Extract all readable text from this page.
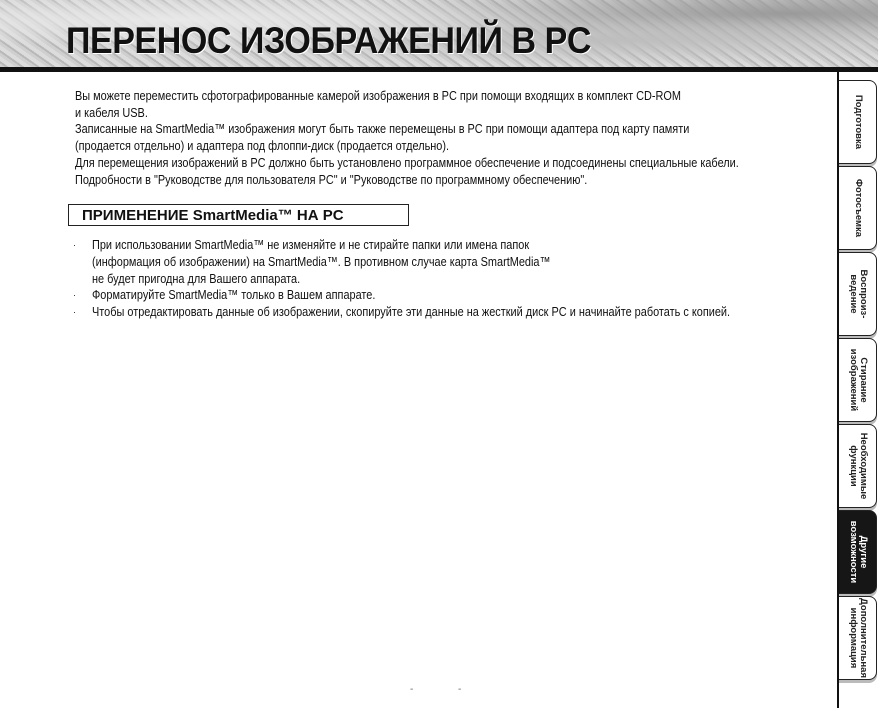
ПЕРЕНОС ИЗОБРАЖЕНИЙ В PC
Вы можете переместить сфотографированные камерой изображения в PC при помощи входящих в комплект CD-ROM
и кабеля USB.
Записанные на SmartMedia™ изображения могут быть также перемещены в PC при помощи адаптера под карту памяти
(продается отдельно) и адаптера под флоппи-диск (продается отдельно).
Для перемещения изображений в PC должно быть установлено программное обеспечение и подсоединены специальные кабели.
Подробности в "Руководстве для пользователя PC" и "Руководстве по программному обеспечению".
ПРИМЕНЕНИЕ SmartMedia™ НА PC
·	При использовании SmartMedia™ не изменяйте и не стирайте папки или имена папок
(информация об изображении) на SmartMedia™. В противном случае карта SmartMedia™
не будет пригодна для Вашего аппарата.
·	Форматируйте SmartMedia™ только в Вашем аппарате.
·	Чтобы отредактировать данные об изображении, скопируйте эти данные на жесткий диск PC и начинайте работать с копией.
Подготовка
Фотосъемка
Воспроиз-
ведение
Стирание
изображений
Необходимые
функции
Другие
возможности
Дополнительная
информация
-	-
